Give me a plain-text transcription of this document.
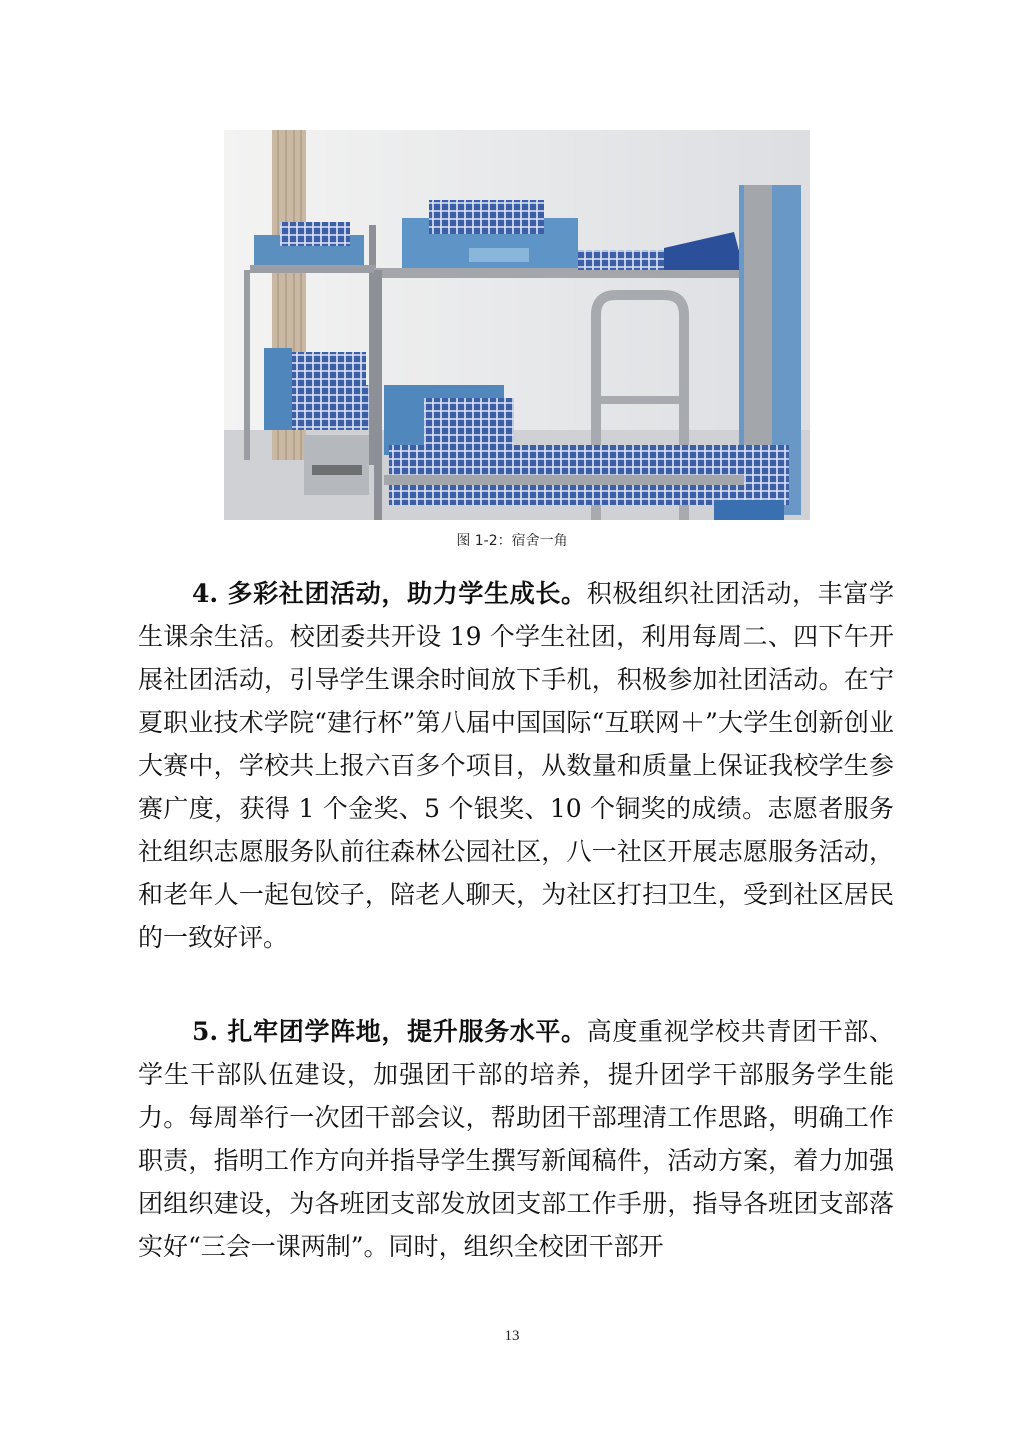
图 1-2：宿舍一角

4. 多彩社团活动，助力学生成长。积极组织社团活动，丰富学生课余生活。校团委共开设 19 个学生社团，利用每周二、四下午开展社团活动，引导学生课余时间放下手机，积极参加社团活动。在宁夏职业技术学院“建行杯”第八届中国国际“互联网＋”大学生创新创业大赛中，学校共上报六百多个项目，从数量和质量上保证我校学生参赛广度，获得 1 个金奖、5 个银奖、10 个铜奖的成绩。志愿者服务社组织志愿服务队前往森林公园社区，八一社区开展志愿服务活动，和老年人一起包饺子，陪老人聊天，为社区打扫卫生，受到社区居民的一致好评。

5. 扎牢团学阵地，提升服务水平。高度重视学校共青团干部、学生干部队伍建设，加强团干部的培养，提升团学干部服务学生能力。每周举行一次团干部会议，帮助团干部理清工作思路，明确工作职责，指明工作方向并指导学生撰写新闻稿件，活动方案，着力加强团组织建设，为各班团支部发放团支部工作手册，指导各班团支部落实好“三会一课两制”。同时，组织全校团干部开

13
